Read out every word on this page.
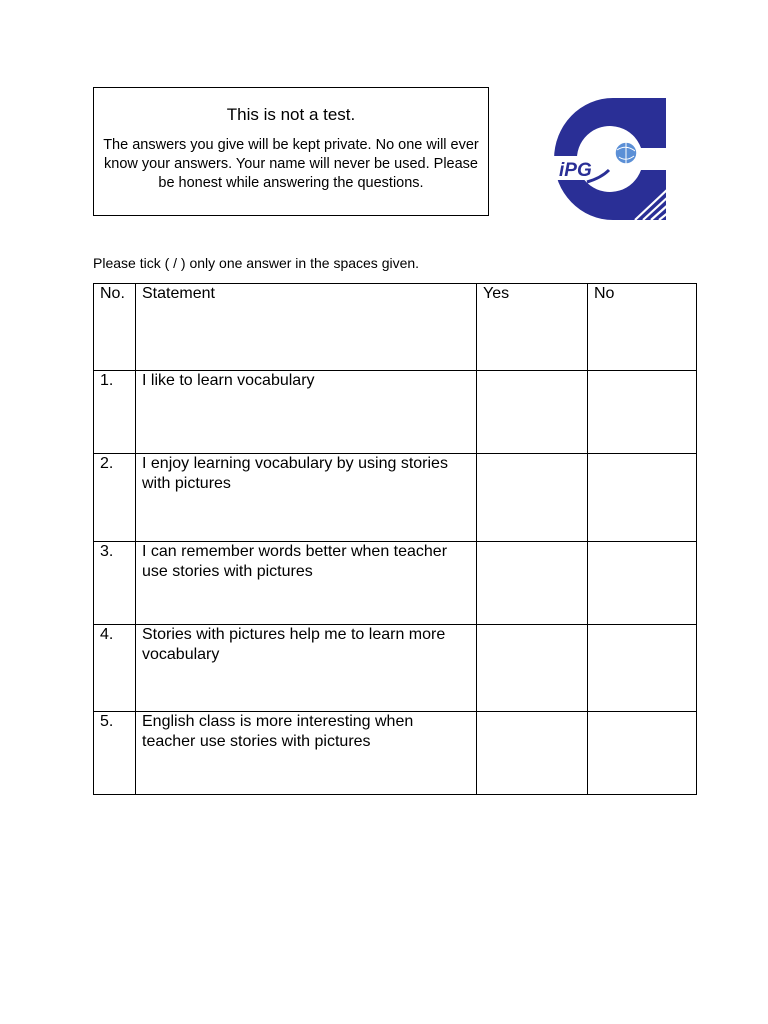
This is not a test.
The answers you give will be kept private. No one will ever know your answers. Your name will never be used. Please be honest while answering the questions.
iPG
Please tick ( / ) only one answer in the spaces given.
No.	Statement	Yes	No
1.	I like to learn vocabulary		
2.	I enjoy learning vocabulary by using stories with pictures		
3.	I can remember words better when teacher use stories with pictures		
4.	Stories with pictures help me to learn more vocabulary		
5.	English class is more interesting when teacher use stories with pictures		
